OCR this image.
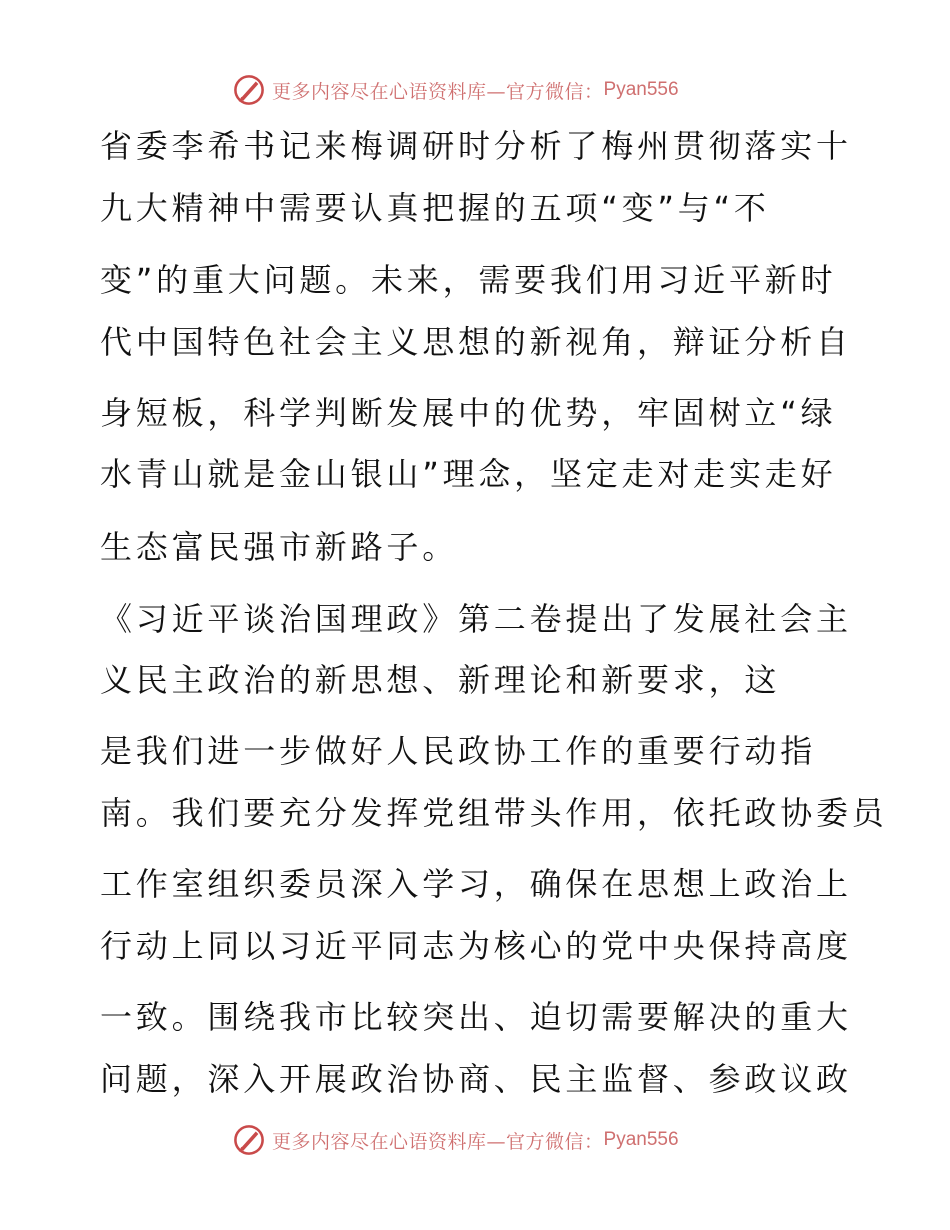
更多内容尽在心语资料库—官方微信： Pyan556
省委李希书记来梅调研时分析了梅州贯彻落实十
九大精神中需要认真把握的五项“变”与“不
变”的重大问题。未来，需要我们用习近平新时
代中国特色社会主义思想的新视角，辩证分析自
身短板，科学判断发展中的优势，牢固树立“绿
水青山就是金山银山”理念，坚定走对走实走好
生态富民强市新路子。
《习近平谈治国理政》第二卷提出了发展社会主
义民主政治的新思想、新理论和新要求，这
是我们进一步做好人民政协工作的重要行动指
南。我们要充分发挥党组带头作用，依托政协委员
工作室组织委员深入学习，确保在思想上政治上
行动上同以习近平同志为核心的党中央保持高度
一致。围绕我市比较突出、迫切需要解决的重大
问题，深入开展政治协商、民主监督、参政议政
更多内容尽在心语资料库—官方微信： Pyan556
